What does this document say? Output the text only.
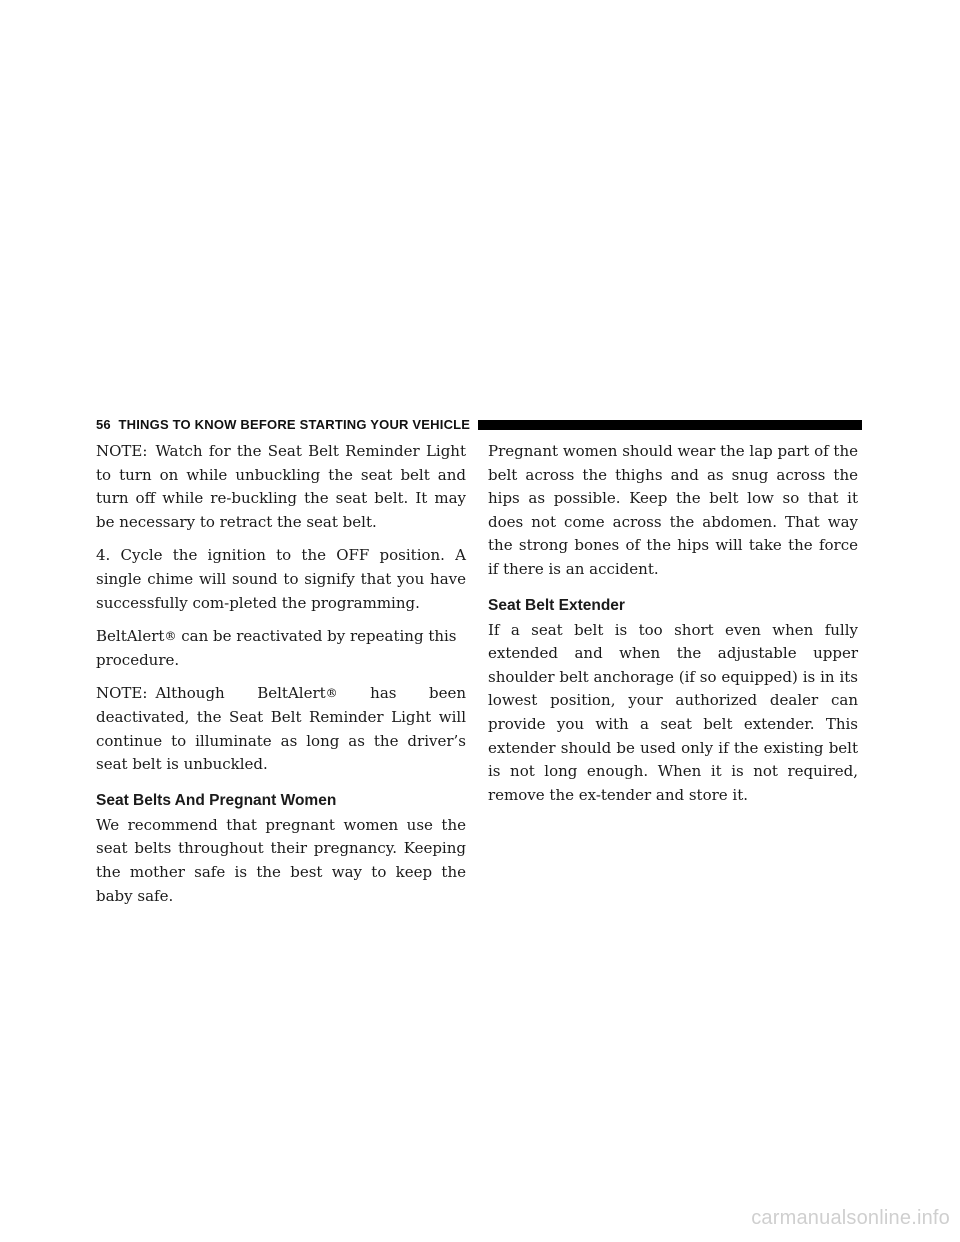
56 THINGS TO KNOW BEFORE STARTING YOUR VEHICLE

NOTE: Watch for the Seat Belt Reminder Light to turn on while unbuckling the seat belt and turn off while re-buckling the seat belt. It may be necessary to retract the seat belt.

4. Cycle the ignition to the OFF position. A single chime will sound to signify that you have successfully com-pleted the programming.

BeltAlert® can be reactivated by repeating this procedure.

NOTE: Although BeltAlert® has been deactivated, the Seat Belt Reminder Light will continue to illuminate as long as the driver’s seat belt is unbuckled.

Seat Belts And Pregnant Women

We recommend that pregnant women use the seat belts throughout their pregnancy. Keeping the mother safe is the best way to keep the baby safe.

Pregnant women should wear the lap part of the belt across the thighs and as snug across the hips as possible. Keep the belt low so that it does not come across the abdomen. That way the strong bones of the hips will take the force if there is an accident.

Seat Belt Extender

If a seat belt is too short even when fully extended and when the adjustable upper shoulder belt anchorage (if so equipped) is in its lowest position, your authorized dealer can provide you with a seat belt extender. This extender should be used only if the existing belt is not long enough. When it is not required, remove the ex-tender and store it.

carmanualsonline.info
